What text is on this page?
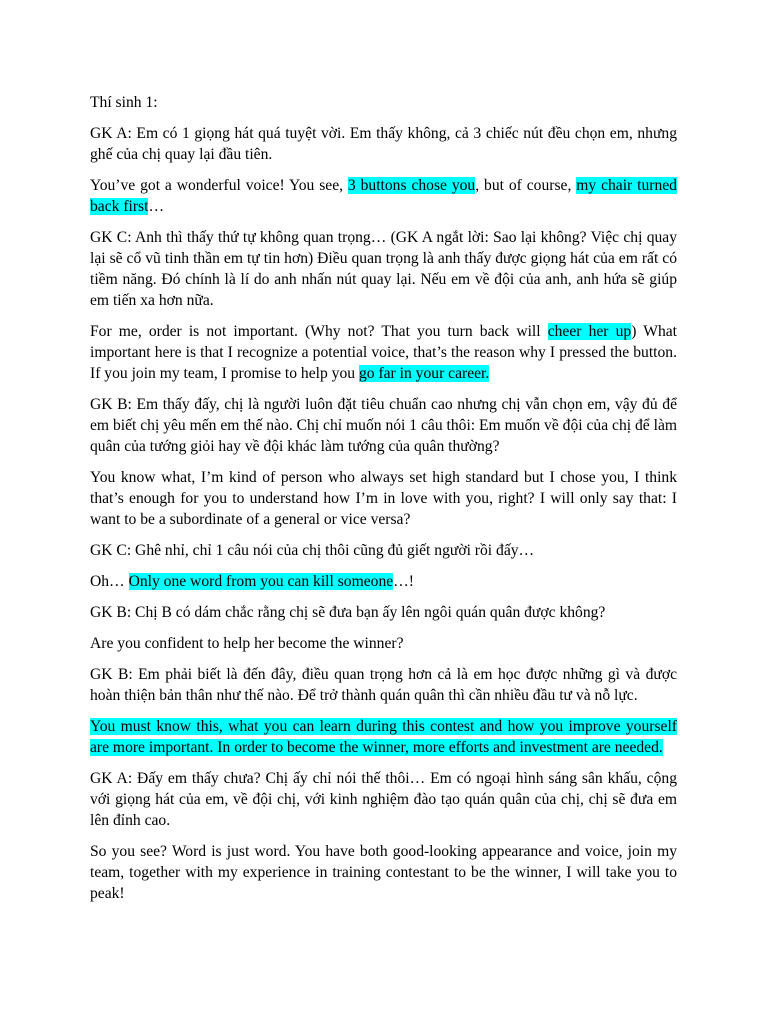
Thí sinh 1:

GK A: Em có 1 giọng hát quá tuyệt vời. Em thấy không, cả 3 chiếc nút đều chọn em, nhưng ghế của chị quay lại đầu tiên.

You’ve got a wonderful voice! You see, 3 buttons chose you, but of course, my chair turned back first…

GK C: Anh thì thấy thứ tự không quan trọng… (GK A ngắt lời: Sao lại không? Việc chị quay lại sẽ cổ vũ tinh thần em tự tin hơn) Điều quan trọng là anh thấy được giọng hát của em rất có tiềm năng. Đó chính là lí do anh nhấn nút quay lại. Nếu em về đội của anh, anh hứa sẽ giúp em tiến xa hơn nữa.

For me, order is not important. (Why not? That you turn back will cheer her up) What important here is that I recognize a potential voice, that’s the reason why I pressed the button. If you join my team, I promise to help you go far in your career.

GK B: Em thấy đấy, chị là người luôn đặt tiêu chuẩn cao nhưng chị vẫn chọn em, vậy đủ để em biết chị yêu mến em thế nào. Chị chỉ muốn nói 1 câu thôi: Em muốn về đội của chị để làm quân của tướng giỏi hay về đội khác làm tướng của quân thường?

You know what, I’m kind of person who always set high standard but I chose you, I think that’s enough for you to understand how I’m in love with you, right? I will only say that: I want to be a subordinate of a general or vice versa?

GK C: Ghê nhỉ, chỉ 1 câu nói của chị thôi cũng đủ giết người rồi đấy…

Oh… Only one word from you can kill someone…!

GK B: Chị B có dám chắc rằng chị sẽ đưa bạn ấy lên ngôi quán quân được không?

Are you confident to help her become the winner?

GK B: Em phải biết là đến đây, điều quan trọng hơn cả là em học được những gì và được hoàn thiện bản thân như thế nào. Để trở thành quán quân thì cần nhiều đầu tư và nỗ lực.

You must know this, what you can learn during this contest and how you improve yourself are more important. In order to become the winner, more efforts and investment are needed.

GK A: Đấy em thấy chưa? Chị ấy chỉ nói thế thôi… Em có ngoại hình sáng sân khấu, cộng với giọng hát của em, về đội chị, với kinh nghiệm đào tạo quán quân của chị, chị sẽ đưa em lên đỉnh cao.

So you see? Word is just word. You have both good-looking appearance and voice, join my team, together with my experience in training contestant to be the winner, I will take you to peak!
